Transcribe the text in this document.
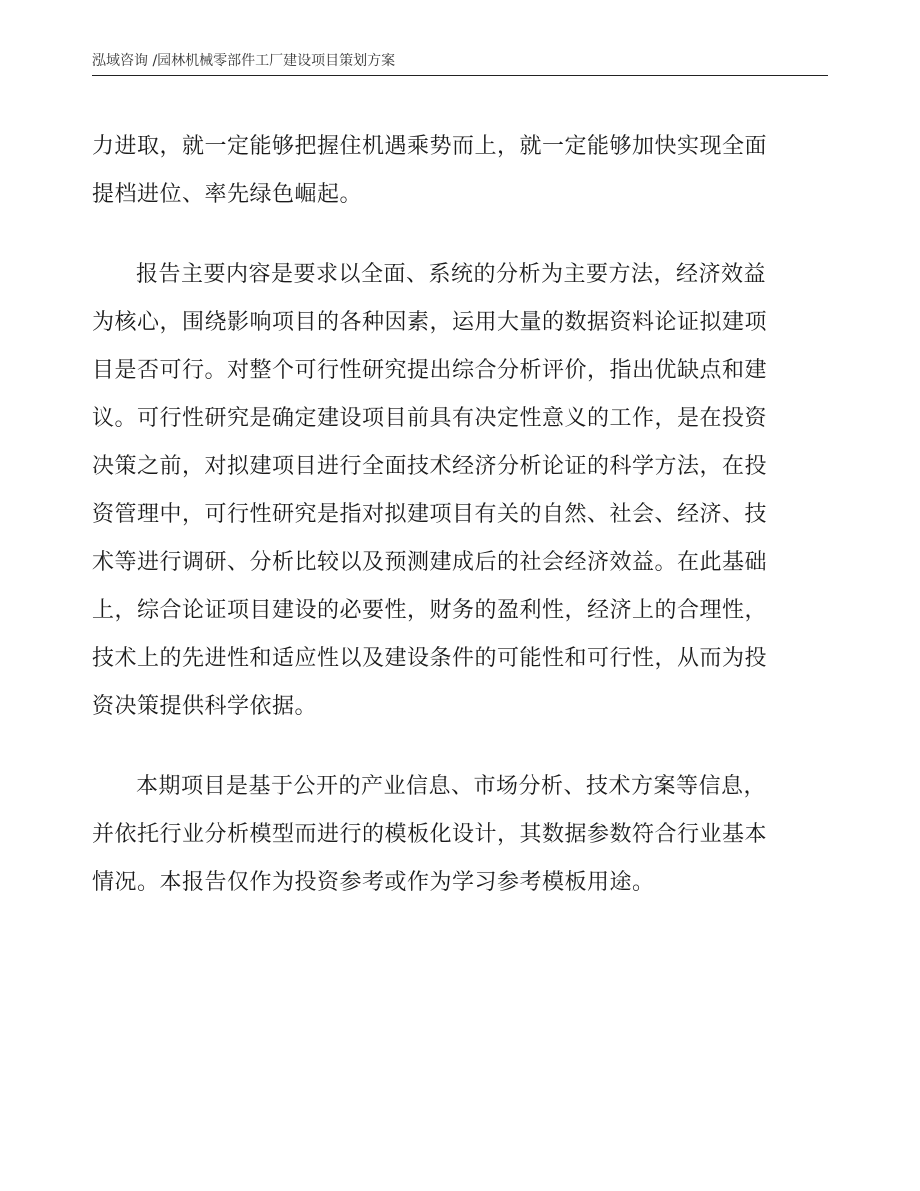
泓域咨询 /园林机械零部件工厂建设项目策划方案
力进取，就一定能够把握住机遇乘势而上，就一定能够加快实现全面
提档进位、率先绿色崛起。
报告主要内容是要求以全面、系统的分析为主要方法，经济效益
为核心，围绕影响项目的各种因素，运用大量的数据资料论证拟建项
目是否可行。对整个可行性研究提出综合分析评价，指出优缺点和建
议。可行性研究是确定建设项目前具有决定性意义的工作，是在投资
决策之前，对拟建项目进行全面技术经济分析论证的科学方法，在投
资管理中，可行性研究是指对拟建项目有关的自然、社会、经济、技
术等进行调研、分析比较以及预测建成后的社会经济效益。在此基础
上，综合论证项目建设的必要性，财务的盈利性，经济上的合理性，
技术上的先进性和适应性以及建设条件的可能性和可行性，从而为投
资决策提供科学依据。
本期项目是基于公开的产业信息、市场分析、技术方案等信息，
并依托行业分析模型而进行的模板化设计，其数据参数符合行业基本
情况。本报告仅作为投资参考或作为学习参考模板用途。
